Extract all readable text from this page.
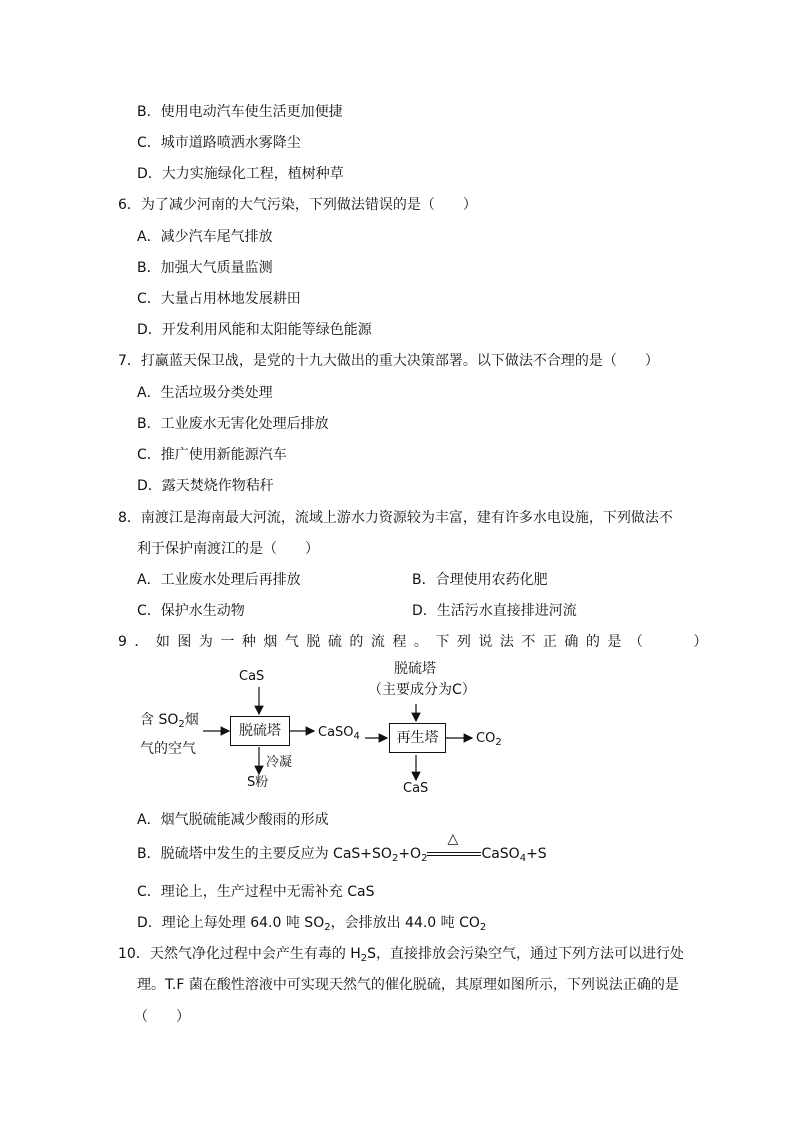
B．使用电动汽车使生活更加便捷
C．城市道路喷洒水雾降尘
D．大力实施绿化工程，植树种草
6．为了减少河南的大气污染，下列做法错误的是（　　）
A．减少汽车尾气排放
B．加强大气质量监测
C．大量占用林地发展耕田
D．开发利用风能和太阳能等绿色能源
7．打赢蓝天保卫战，是党的十九大做出的重大决策部署。以下做法不合理的是（　　）
A．生活垃圾分类处理
B．工业废水无害化处理后排放
C．推广使用新能源汽车
D．露天焚烧作物秸秆
8．南渡江是海南最大河流，流域上游水力资源较为丰富，建有许多水电设施，下列做法不
利于保护南渡江的是（　　）
A．工业废水处理后再排放	B．合理使用农药化肥
C．保护水生动物	D．生活污水直接排进河流
9．如图为一种烟气脱硫的流程。下列说法不正确的是（　　）
CaS
含 $SO_2$烟
气的空气
脱硫塔	CaSO$_4$
冷凝
S粉
脱硫塔
（主要成分为C）
再生塔	$CO_2$
CaS
A．烟气脱硫能减少酸雨的形成
B．脱硫塔中发生的主要反应为 $CaS+SO_2+O_2$
△
CaSO$_4$+S
C．理论上，生产过程中无需补充 CaS
D．理论上每处理 64.0 吨 $SO_2$，会排放出 44.0 吨 $CO_2$
10．天然气净化过程中会产生有毒的 $H_2S$，直接排放会污染空气，通过下列方法可以进行处
理。T.F 菌在酸性溶液中可实现天然气的催化脱硫，其原理如图所示，下列说法正确的是
（　　）
